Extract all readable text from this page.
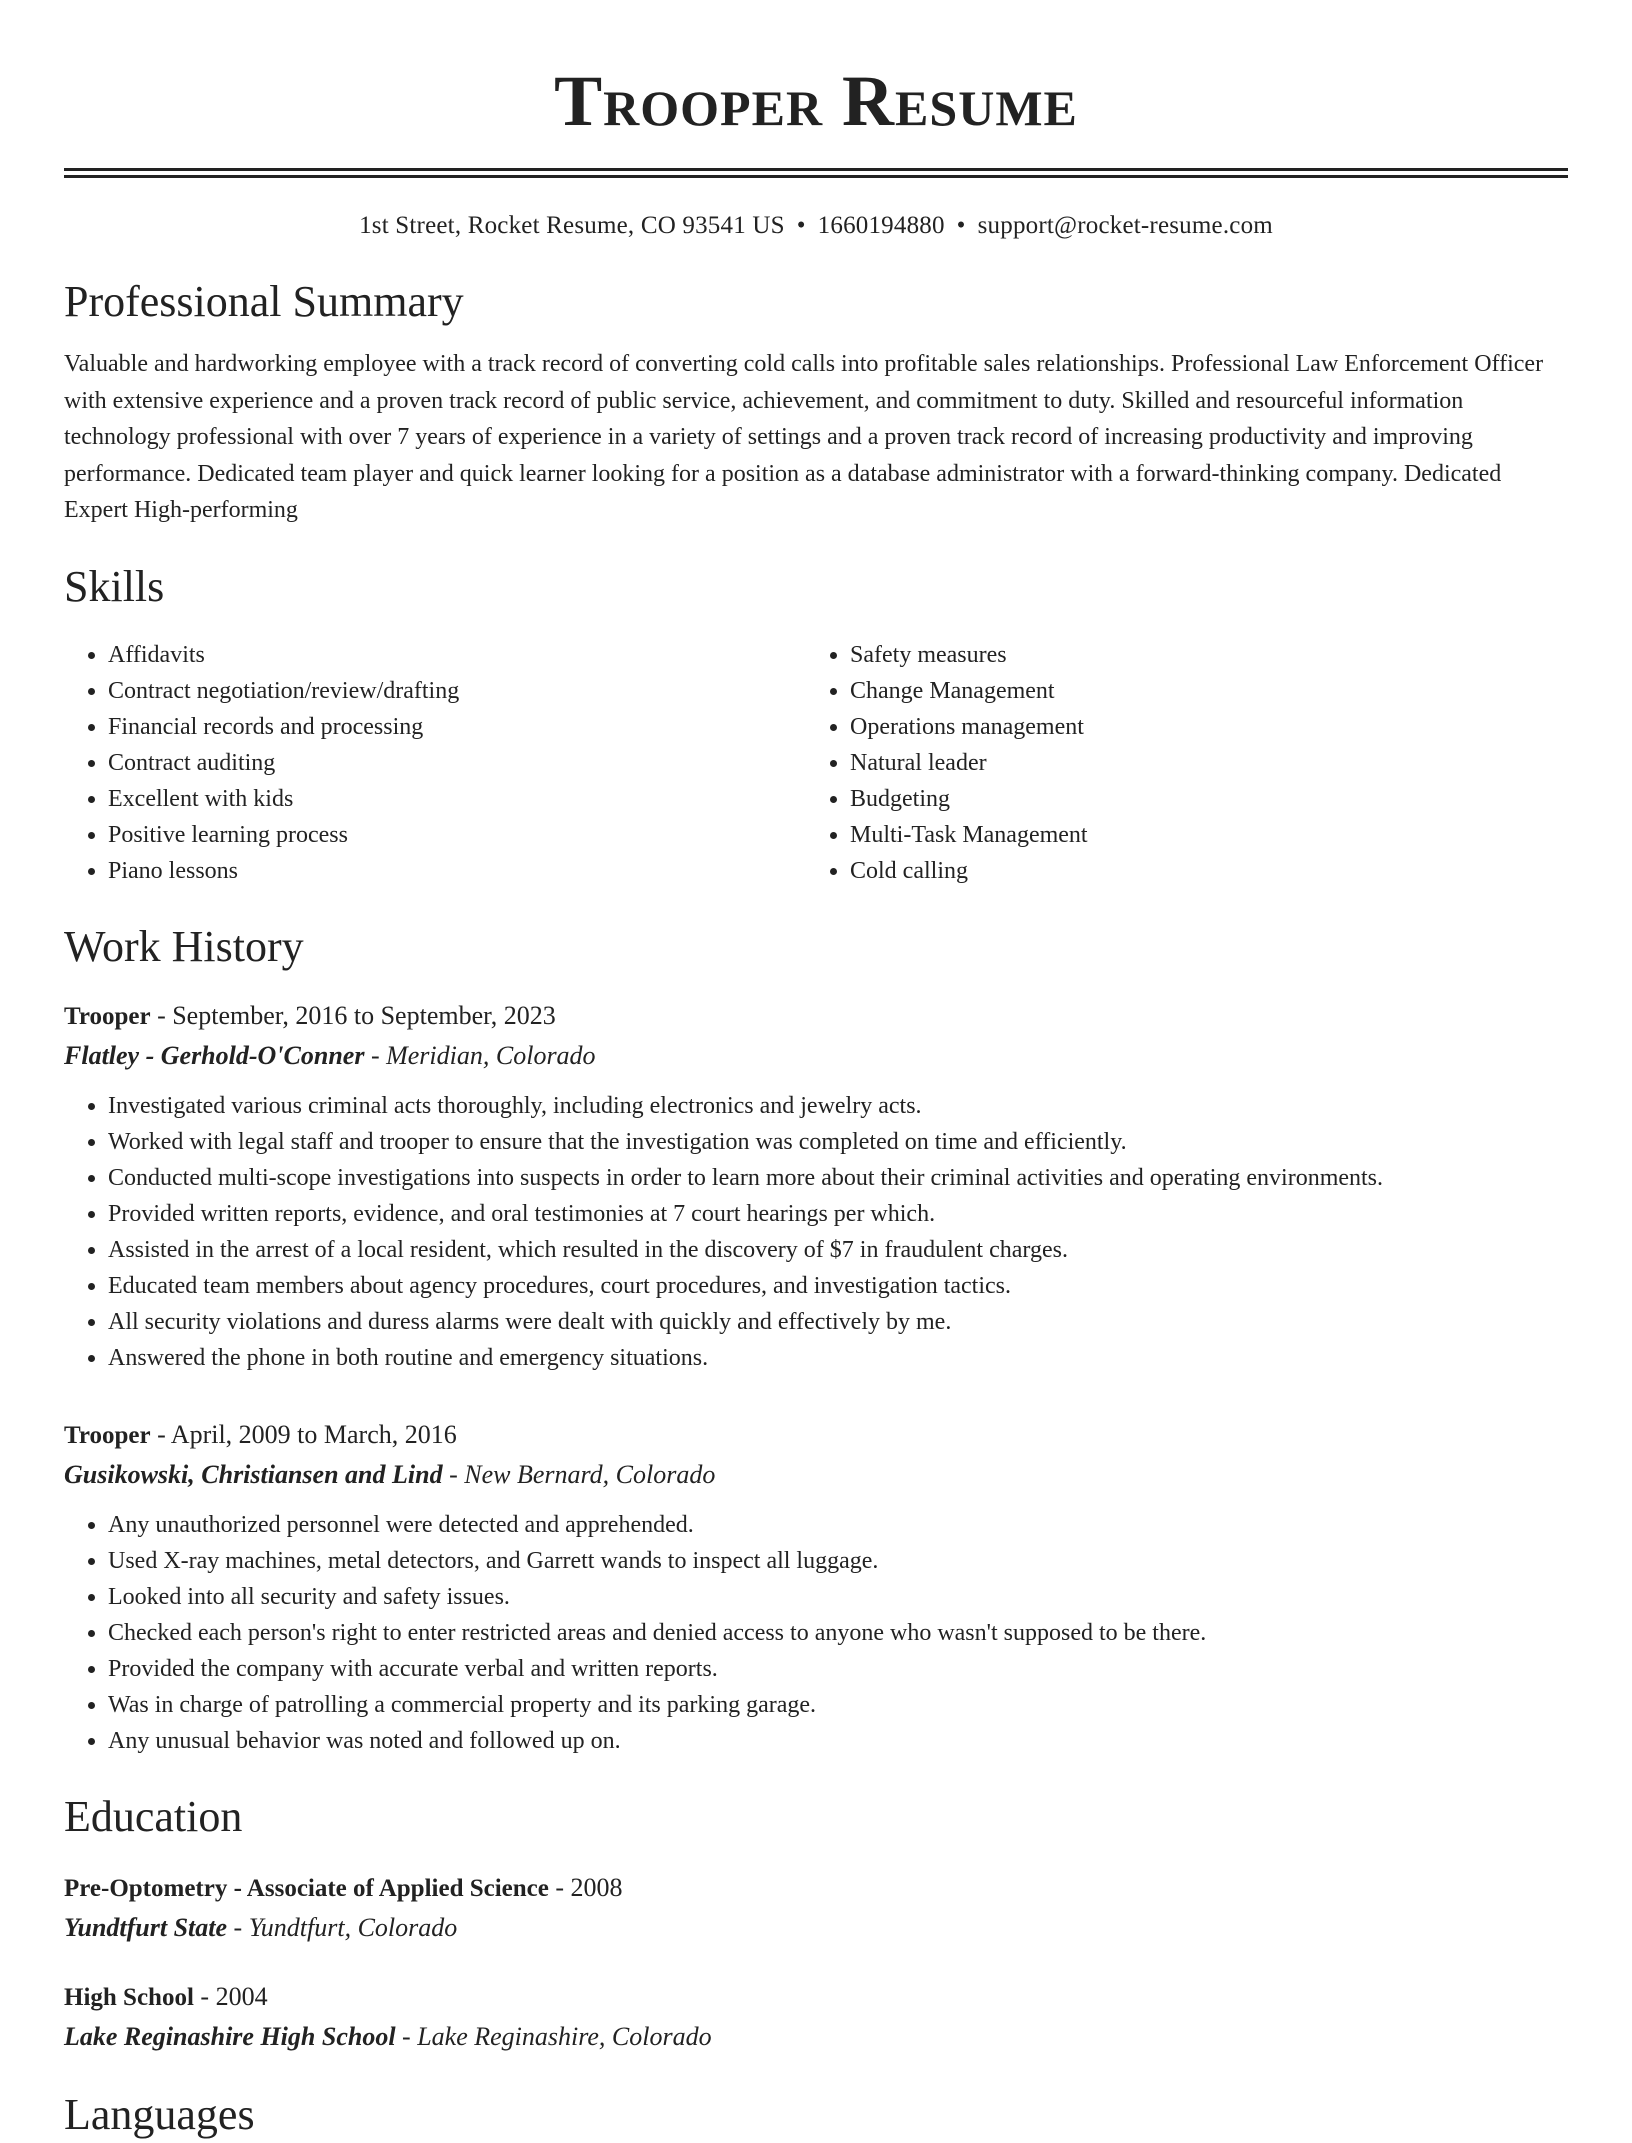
Trooper Resume
1st Street, Rocket Resume, CO 93541 US • 1660194880 • support@rocket-resume.com
Professional Summary
Valuable and hardworking employee with a track record of converting cold calls into profitable sales relationships. Professional Law Enforcement Officer with extensive experience and a proven track record of public service, achievement, and commitment to duty. Skilled and resourceful information technology professional with over 7 years of experience in a variety of settings and a proven track record of increasing productivity and improving performance. Dedicated team player and quick learner looking for a position as a database administrator with a forward-thinking company. Dedicated Expert High-performing
Skills
• Affidavits
• Contract negotiation/review/drafting
• Financial records and processing
• Contract auditing
• Excellent with kids
• Positive learning process
• Piano lessons
• Safety measures
• Change Management
• Operations management
• Natural leader
• Budgeting
• Multi-Task Management
• Cold calling
Work History
Trooper - September, 2016 to September, 2023
Flatley - Gerhold-O'Conner - Meridian, Colorado
• Investigated various criminal acts thoroughly, including electronics and jewelry acts.
• Worked with legal staff and trooper to ensure that the investigation was completed on time and efficiently.
• Conducted multi-scope investigations into suspects in order to learn more about their criminal activities and operating environments.
• Provided written reports, evidence, and oral testimonies at 7 court hearings per which.
• Assisted in the arrest of a local resident, which resulted in the discovery of $7 in fraudulent charges.
• Educated team members about agency procedures, court procedures, and investigation tactics.
• All security violations and duress alarms were dealt with quickly and effectively by me.
• Answered the phone in both routine and emergency situations.
Trooper - April, 2009 to March, 2016
Gusikowski, Christiansen and Lind - New Bernard, Colorado
• Any unauthorized personnel were detected and apprehended.
• Used X-ray machines, metal detectors, and Garrett wands to inspect all luggage.
• Looked into all security and safety issues.
• Checked each person's right to enter restricted areas and denied access to anyone who wasn't supposed to be there.
• Provided the company with accurate verbal and written reports.
• Was in charge of patrolling a commercial property and its parking garage.
• Any unusual behavior was noted and followed up on.
Education
Pre-Optometry - Associate of Applied Science - 2008
Yundtfurt State - Yundtfurt, Colorado
High School - 2004
Lake Reginashire High School - Lake Reginashire, Colorado
Languages
